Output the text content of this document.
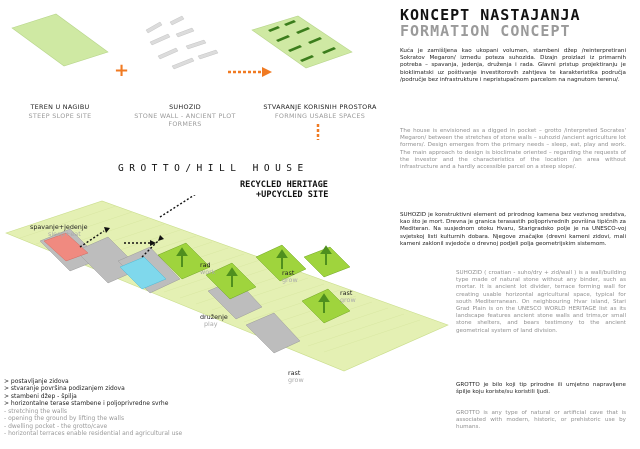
KONCEPT NASTAJANJA
FORMATION CONCEPT
+
TEREN U NAGIBU
STEEP SLOPE SITE
SUHOZID
STONE WALL - ANCIENT PLOT
FORMERS
STVARANJE KORISNIH PROSTORA
FORMING USABLE SPACES
Kuća je zamišljena kao ukopani volumen, stambeni džep /reinterpretirani Sokratov Megaron/ između poteza suhozida. Dizajn proizlazi iz primarnih potreba – spavanja, jedenja, druženja i rada. Glavni pristup projektiranju je bioklimatski uz poštivanje investitorovih zahtjeva te karakteristika područja /područje bez infrastrukture i nepristupačnom parcelom na nagnutom terenu/.
The house is envisioned as a digged in pocket – grotto /interpreted Socrates' Megaron/ between the stretches of stone walls – suhozid /ancient agriculture lot formers/. Design emerges from the primary needs – sleep, eat, play and work. The main approach to design is bioclimate oriented – regarding the requests of the investor and the characteristics of the location /an area without infrastructure and a hardly accessible parcel on a steep slope/.
SUHOZID je konstruktivni element od prirodnog kamena bez vezivnog sredstva, kao što je mort. Drevna je granica terasastih poljoprivrednih površina tipičnih za Mediteran. Na susjednom otoku Hvaru, Starigradsko polje je na UNESCO-voj svjetskoj listi kulturnih dobara. Njegove značajke (drevni kameni zidovi, mali kameni zaklonil svjedoče o drevnoj podjeli polja geometrijskim sistemom.
SUHOZID ( croatian - suho/dry + zid/wall ) is a wall/building type made of natural stone without any binder, such as mortar. It is ancient lot divider, terrace forming wall for creating usable horizontal agricultural space, typical for south Mediterranean. On neighbouring Hvar island, Stari Grad Plain is on the UNESCO WORLD HERITAGE list as its landscape features ancient stone walls and trims,or small stone shelters, and bears testimony to the ancient geometrical system of land division.
GROTTO je bilo koji tip prirodne ili umjetno napravljene špilje koju koriste/su koristili ljudi.
GROTTO is any type of natural or artificial cave that is associated with modern, historic, or prehistoric use by humans.
GROTTO/HILL HOUSE
RECYCLED HERITAGE
+UPCYCLED SITE
spavanje+jedenje
sleep+eat
rad
work
druženje
play
rast
grow
rast
grow
rast
grow
> postavljanje zidova
> stvaranje površina podizanjem zidova
> stambeni džep - špilja
> horizontalne terase stambene i poljoprivredne svrhe
- stretching the walls
- opening the ground by lifting the walls
- dwelling pocket - the grotto/cave
- horizontal terraces enable residential and agricultural use
